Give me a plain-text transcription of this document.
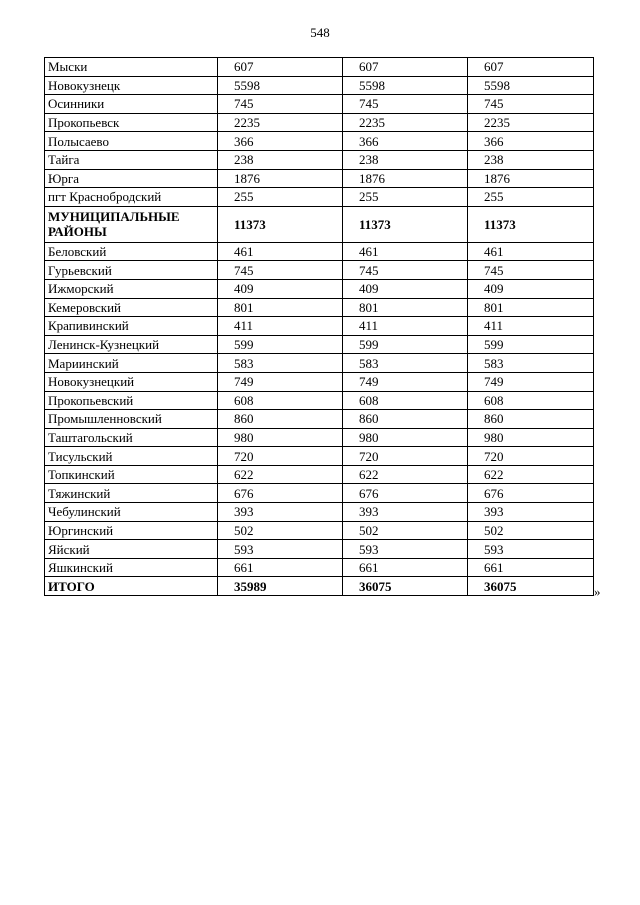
548
Мыски	607	607	607
Новокузнецк	5598	5598	5598
Осинники	745	745	745
Прокопьевск	2235	2235	2235
Полысаево	366	366	366
Тайга	238	238	238
Юрга	1876	1876	1876
пгт Краснобродский	255	255	255
МУНИЦИПАЛЬНЫЕ РАЙОНЫ	11373	11373	11373
Беловский	461	461	461
Гурьевский	745	745	745
Ижморский	409	409	409
Кемеровский	801	801	801
Крапивинский	411	411	411
Ленинск-Кузнецкий	599	599	599
Мариинский	583	583	583
Новокузнецкий	749	749	749
Прокопьевский	608	608	608
Промышленновский	860	860	860
Таштагольский	980	980	980
Тисульский	720	720	720
Топкинский	622	622	622
Тяжинский	676	676	676
Чебулинский	393	393	393
Юргинский	502	502	502
Яйский	593	593	593
Яшкинский	661	661	661
ИТОГО	35989	36075	36075	»
